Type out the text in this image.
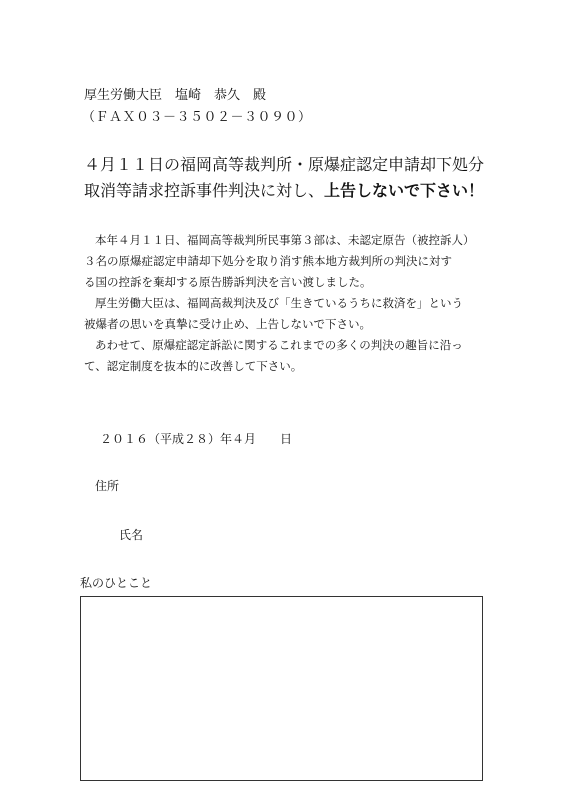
厚生労働大臣　塩崎　恭久　殿
（ＦＡＸ０３－３５０２－３０９０）
４月１１日の福岡高等裁判所・原爆症認定申請却下処分
取消等請求控訴事件判決に対し、上告しないで下さい！

本年４月１１日、福岡高等裁判所民事第３部は、未認定原告（被控訴人）
３名の原爆症認定申請却下処分を取り消す熊本地方裁判所の判決に対す
る国の控訴を棄却する原告勝訴判決を言い渡しました。

厚生労働大臣は、福岡高裁判決及び「生きているうちに救済を」という
被爆者の思いを真摯に受け止め、上告しないで下さい。

あわせて、原爆症認定訴訟に関するこれまでの多くの判決の趣旨に沿っ
て、認定制度を抜本的に改善して下さい。

２０１６（平成２８）年４月　　日
住所
氏名
私のひとこと
